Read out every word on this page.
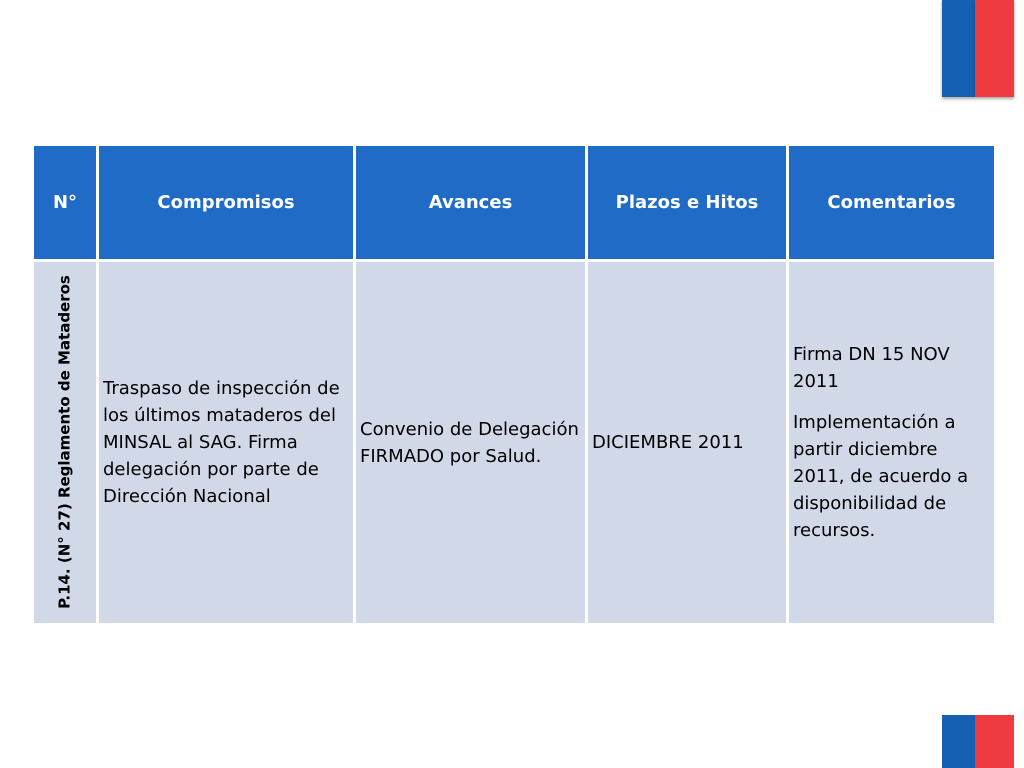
N°	Compromisos	Avances	Plazos e Hitos	Comentarios

P.14. (N° 27) Reglamento de Mataderos	Traspaso de inspección de los últimos mataderos del MINSAL al SAG. Firma delegación por parte de Dirección Nacional	Convenio de Delegación FIRMADO por Salud.	DICIEMBRE 2011	Firma DN 15 NOV 2011

Implementación a partir diciembre 2011, de acuerdo a disponibilidad de recursos.
